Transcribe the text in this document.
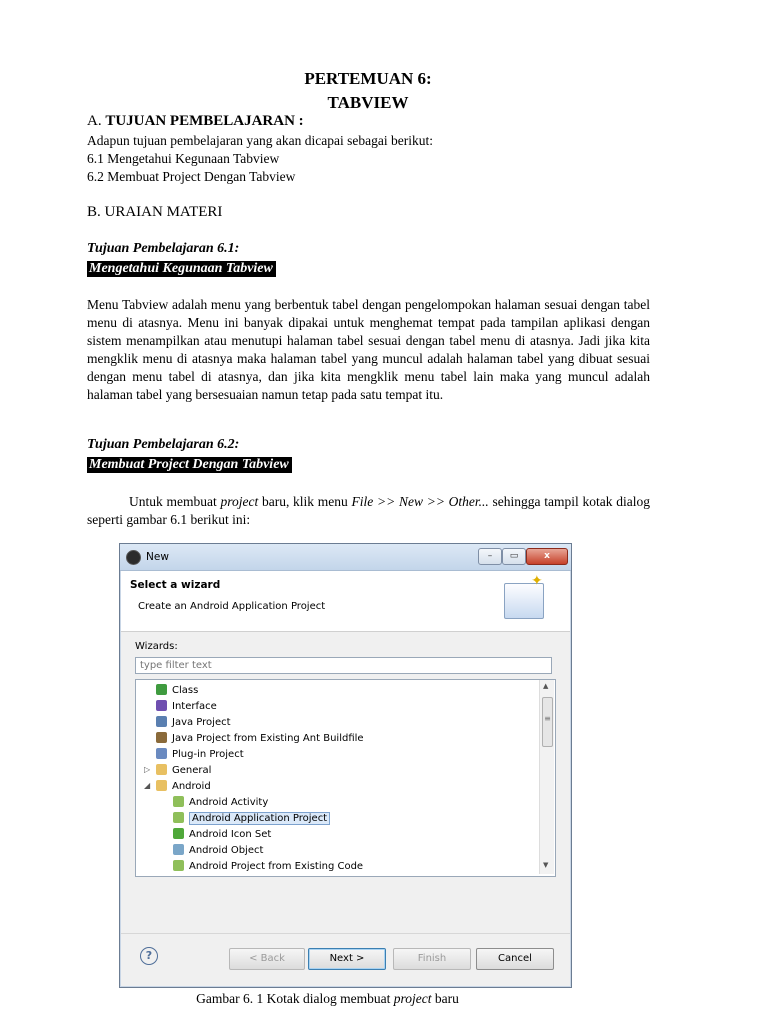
PERTEMUAN 6:
TABVIEW
A. TUJUAN PEMBELAJARAN :
Adapun tujuan pembelajaran yang akan dicapai sebagai berikut:
6.1 Mengetahui Kegunaan Tabview
6.2 Membuat Project Dengan Tabview
B. URAIAN MATERI
Tujuan Pembelajaran 6.1:
Mengetahui Kegunaan Tabview
Menu Tabview adalah menu yang berbentuk tabel dengan pengelompokan halaman sesuai dengan tabel menu di atasnya. Menu ini banyak dipakai untuk menghemat tempat pada tampilan aplikasi dengan sistem menampilkan atau menutupi halaman tabel sesuai dengan tabel menu di atasnya. Jadi jika kita mengklik menu di atasnya maka halaman tabel yang muncul adalah halaman tabel yang dibuat sesuai dengan menu tabel di atasnya, dan jika kita mengklik menu tabel lain maka yang muncul adalah halaman tabel yang bersesuaian namun tetap pada satu tempat itu.
Tujuan Pembelajaran 6.2:
Membuat Project Dengan Tabview
Untuk membuat project baru, klik menu File >> New >> Other... sehingga tampil kotak dialog seperti gambar 6.1 berikut ini:
New	–	▭	x
Select a wizard
Create an Android Application Project
✦
Wizards:
type filter text
Class
Interface
Java Project
Java Project from Existing Ant Buildfile
Plug-in Project
General
▷
Android
◢
Android Activity
Android Application Project
Android Icon Set
Android Object
Android Project from Existing Code
▲
≡
▼
?	< Back	Next >	Finish	Cancel
Gambar 6. 1 Kotak dialog membuat project baru
